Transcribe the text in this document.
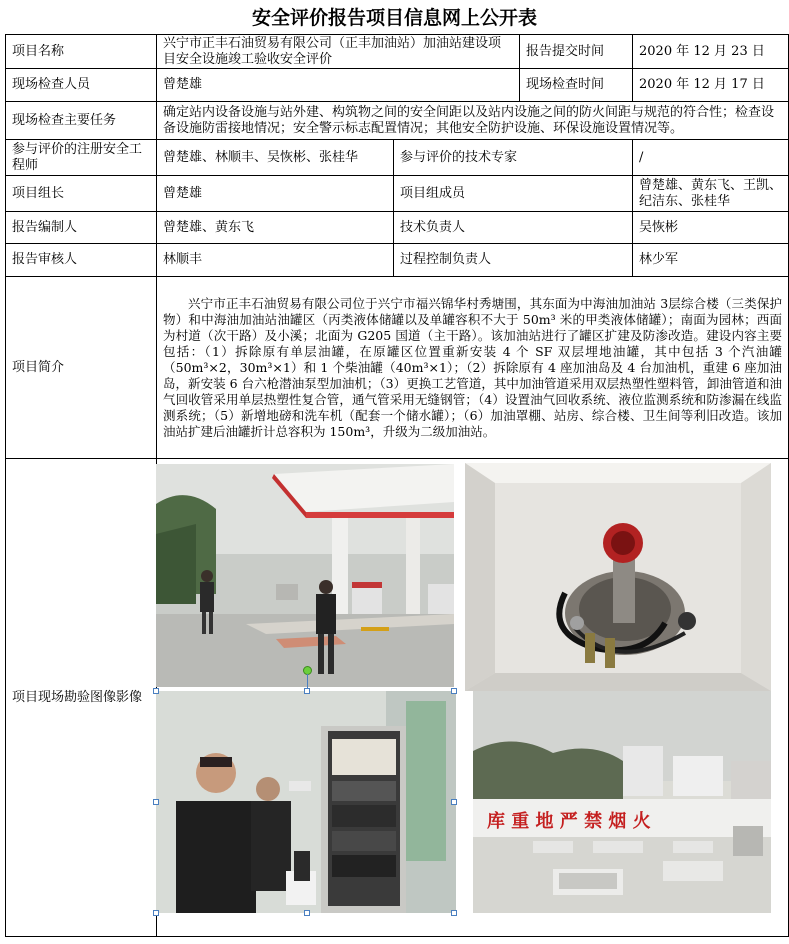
安全评价报告项目信息网上公开表
项目名称	兴宁市正丰石油贸易有限公司（正丰加油站）加油站建设项目安全设施竣工验收安全评价		报告提交时间	2020 年 12 月 23 日
现场检查人员	曾楚雄		现场检查时间	2020 年 12 月 17 日
现场检查主要任务	确定站内设备设施与站外建、构筑物之间的安全间距以及站内设施之间的防火间距与规范的符合性；检查设备设施防雷接地情况；安全警示标志配置情况；其他安全防护设施、环保设施设置情况等。			
参与评价的注册安全工程师	曾楚雄、林顺丰、吴恢彬、张桂华	参与评价的技术专家		/
项目组长	曾楚雄	项目组成员		曾楚雄、黄东飞、王凯、纪洁东、张桂华
报告编制人	曾楚雄、黄东飞	技术负责人		吴恢彬
报告审核人	林顺丰	过程控制负责人		林少军
项目简介	兴宁市正丰石油贸易有限公司位于兴宁市福兴锦华村秀塘围，其东面为中海油加油站 3层综合楼（三类保护物）和中海油加油站油罐区（丙类液体储罐以及单罐容积不大于 50m³ 米的甲类液体储罐）；南面为园林；西面为村道（次干路）及小溪；北面为 G205 国道（主干路）。该加油站进行了罐区扩建及防渗改造。建设内容主要包括：（1）拆除原有单层油罐，在原罐区位置重新安装 4 个 SF 双层埋地油罐，其中包括 3 个汽油罐（50m³×2，30m³×1）和 1 个柴油罐（40m³×1）；（2）拆除原有 4 座加油岛及 4 台加油机，重建 6 座加油岛，新安装 6 台六枪潜油泵型加油机；（3）更换工艺管道，其中加油管道采用双层热塑性塑料管，卸油管道和油气回收管采用单层热塑性复合管，通气管采用无缝钢管；（4）设置油气回收系统、液位监测系统和防渗漏在线监测系统；（5）新增地磅和洗车机（配套一个储水罐）；（6）加油罩棚、站房、综合楼、卫生间等利旧改造。该加油站扩建后油罐折计总容积为 150m³，升级为二级加油站。			
项目现场勘验图像影像	库 重 地 严 禁 烟 火			
